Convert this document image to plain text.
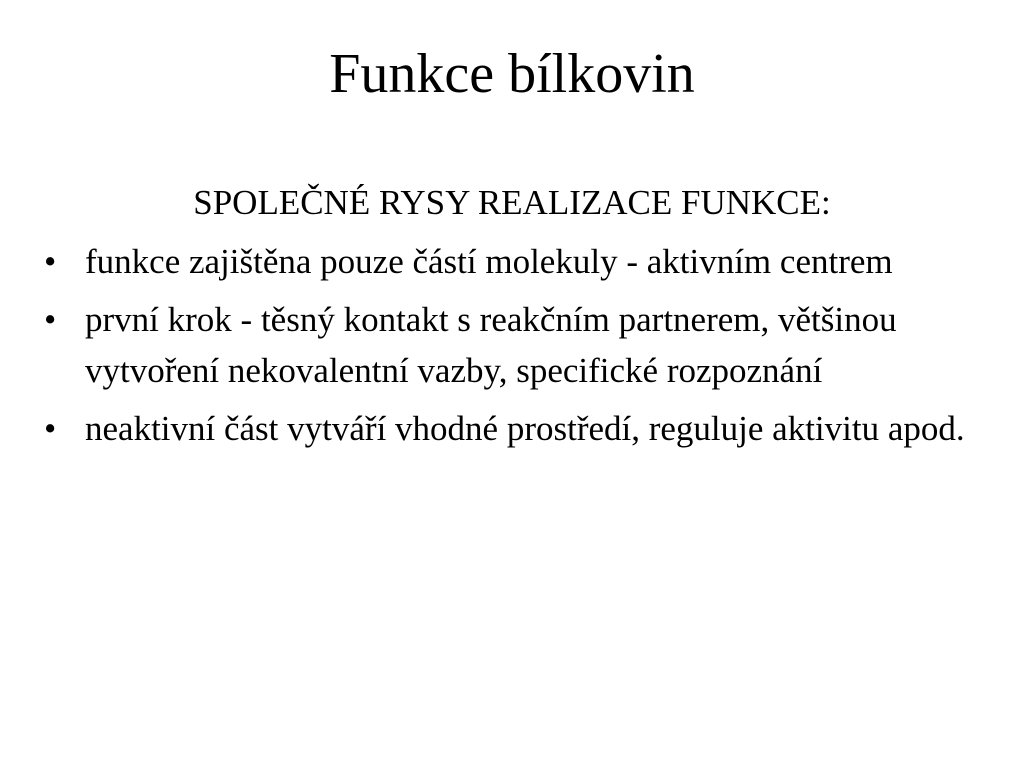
Funkce bílkovin

SPOLEČNÉ RYSY REALIZACE FUNKCE:

• funkce zajištěna pouze částí molekuly - aktivním centrem
• první krok - těsný kontakt s reakčním partnerem, většinou vytvoření nekovalentní vazby, specifické rozpoznání
• neaktivní část vytváří vhodné prostředí, reguluje aktivitu apod.
